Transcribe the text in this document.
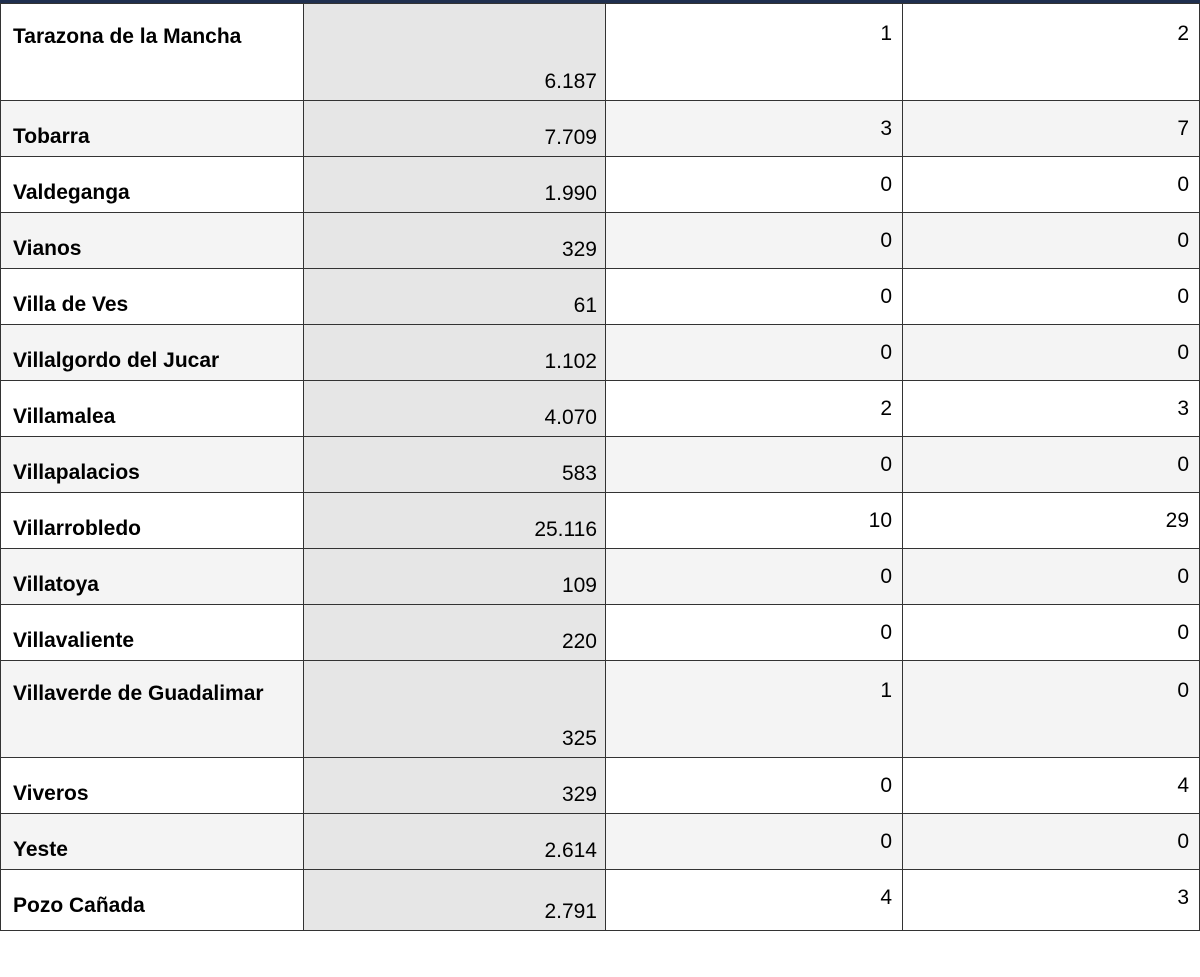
Tarazona de la Mancha	6.187	1	2
Tobarra	7.709	3	7
Valdeganga	1.990	0	0
Vianos	329	0	0
Villa de Ves	61	0	0
Villalgordo del Jucar	1.102	0	0
Villamalea	4.070	2	3
Villapalacios	583	0	0
Villarrobledo	25.116	10	29
Villatoya	109	0	0
Villavaliente	220	0	0
Villaverde de Guadalimar	325	1	0
Viveros	329	0	4
Yeste	2.614	0	0
Pozo Cañada	2.791	4	3
